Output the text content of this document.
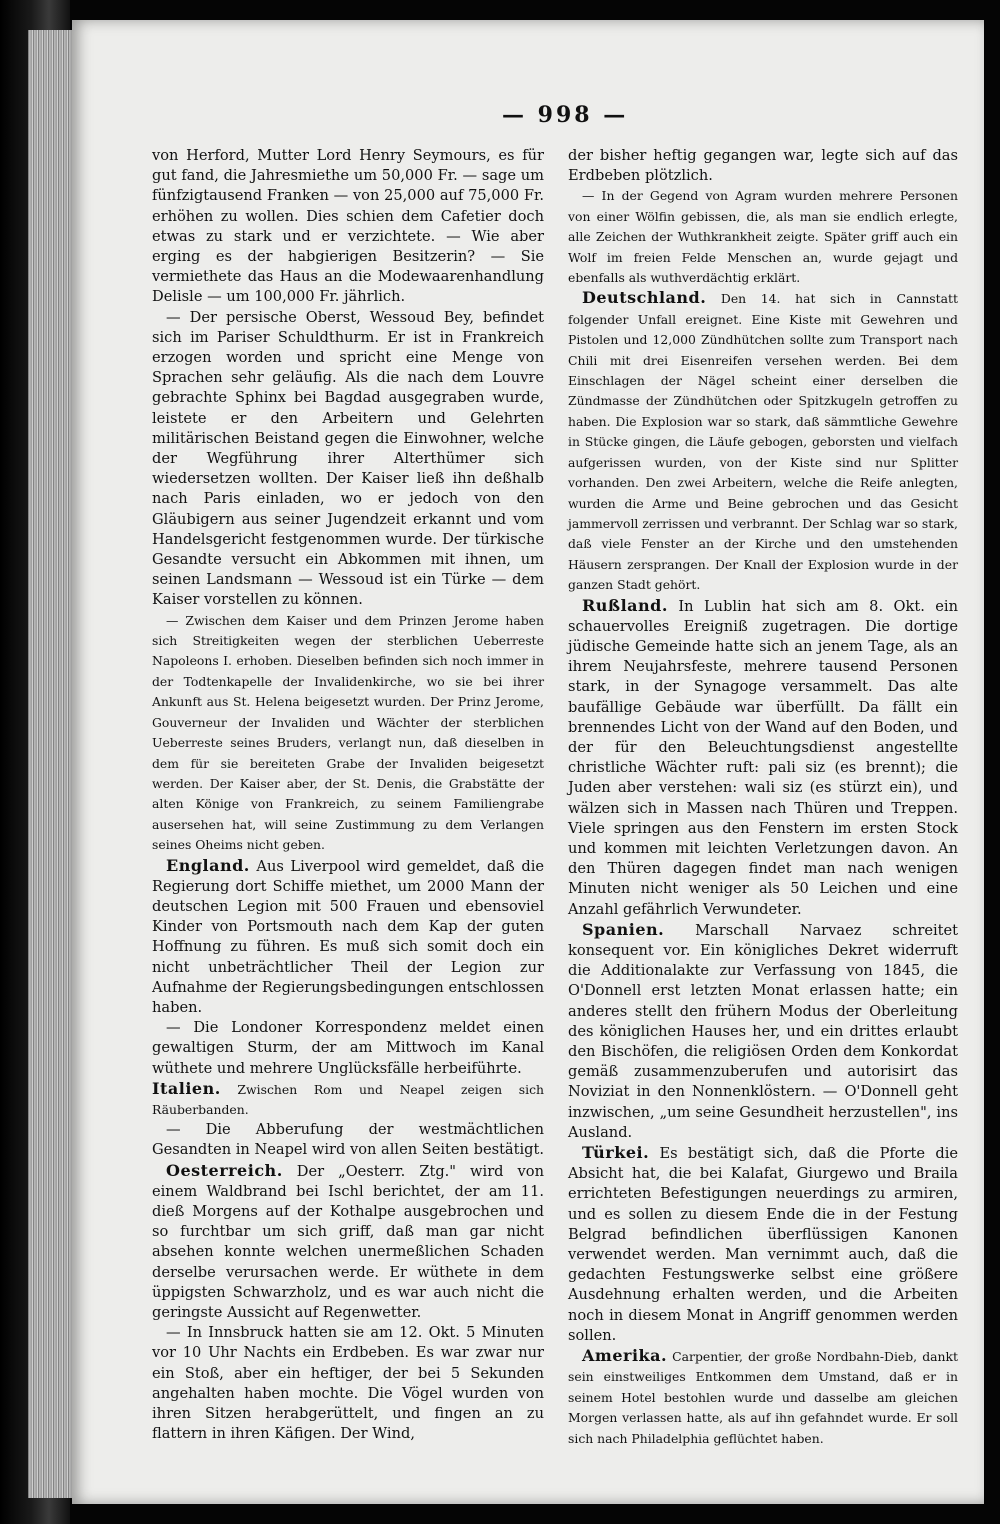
— 998 —

von Herford, Mutter Lord Henry Seymours, es für gut fand, die Jahresmiethe um 50,000 Fr. — sage um fünfzigtausend Franken — von 25,000 auf 75,000 Fr. erhöhen zu wollen. Dies schien dem Cafetier doch etwas zu stark und er verzichtete. — Wie aber erging es der habgierigen Besitzerin? — Sie vermiethete das Haus an die Modewaarenhandlung Delisle — um 100,000 Fr. jährlich.

— Der persische Oberst, Wessoud Bey, befindet sich im Pariser Schuldthurm. Er ist in Frankreich erzogen worden und spricht eine Menge von Sprachen sehr geläufig. Als die nach dem Louvre gebrachte Sphinx bei Bagdad ausgegraben wurde, leistete er den Arbeitern und Gelehrten militärischen Beistand gegen die Einwohner, welche der Wegführung ihrer Alterthümer sich wiedersetzen wollten. Der Kaiser ließ ihn deßhalb nach Paris einladen, wo er jedoch von den Gläubigern aus seiner Jugendzeit erkannt und vom Handelsgericht festgenommen wurde. Der türkische Gesandte versucht ein Abkommen mit ihnen, um seinen Landsmann — Wessoud ist ein Türke — dem Kaiser vorstellen zu können.

— Zwischen dem Kaiser und dem Prinzen Jerome haben sich Streitigkeiten wegen der sterblichen Ueberreste Napoleons I. erhoben. Dieselben befinden sich noch immer in der Todtenkapelle der Invalidenkirche, wo sie bei ihrer Ankunft aus St. Helena beigesetzt wurden. Der Prinz Jerome, Gouverneur der Invaliden und Wächter der sterblichen Ueberreste seines Bruders, verlangt nun, daß dieselben in dem für sie bereiteten Grabe der Invaliden beigesetzt werden. Der Kaiser aber, der St. Denis, die Grabstätte der alten Könige von Frankreich, zu seinem Familiengrabe ausersehen hat, will seine Zustimmung zu dem Verlangen seines Oheims nicht geben.

England. Aus Liverpool wird gemeldet, daß die Regierung dort Schiffe miethet, um 2000 Mann der deutschen Legion mit 500 Frauen und ebensoviel Kinder von Portsmouth nach dem Kap der guten Hoffnung zu führen. Es muß sich somit doch ein nicht unbeträchtlicher Theil der Legion zur Aufnahme der Regierungsbedingungen entschlossen haben.

— Die Londoner Korrespondenz meldet einen gewaltigen Sturm, der am Mittwoch im Kanal wüthete und mehrere Unglücksfälle herbeiführte.

Italien. Zwischen Rom und Neapel zeigen sich Räuberbanden.

— Die Abberufung der westmächtlichen Gesandten in Neapel wird von allen Seiten bestätigt.

Oesterreich. Der „Oesterr. Ztg." wird von einem Waldbrand bei Ischl berichtet, der am 11. dieß Morgens auf der Kothalpe ausgebrochen und so furchtbar um sich griff, daß man gar nicht absehen konnte welchen unermeßlichen Schaden derselbe verursachen werde. Er wüthete in dem üppigsten Schwarzholz, und es war auch nicht die geringste Aussicht auf Regenwetter.

— In Innsbruck hatten sie am 12. Okt. 5 Minuten vor 10 Uhr Nachts ein Erdbeben. Es war zwar nur ein Stoß, aber ein heftiger, der bei 5 Sekunden angehalten haben mochte. Die Vögel wurden von ihren Sitzen herabgerüttelt, und fingen an zu flattern in ihren Käfigen. Der Wind,

der bisher heftig gegangen war, legte sich auf das Erdbeben plötzlich.

— In der Gegend von Agram wurden mehrere Personen von einer Wölfin gebissen, die, als man sie endlich erlegte, alle Zeichen der Wuthkrankheit zeigte. Später griff auch ein Wolf im freien Felde Menschen an, wurde gejagt und ebenfalls als wuthverdächtig erklärt.

Deutschland. Den 14. hat sich in Cannstatt folgender Unfall ereignet. Eine Kiste mit Gewehren und Pistolen und 12,000 Zündhütchen sollte zum Transport nach Chili mit drei Eisenreifen versehen werden. Bei dem Einschlagen der Nägel scheint einer derselben die Zündmasse der Zündhütchen oder Spitzkugeln getroffen zu haben. Die Explosion war so stark, daß sämmtliche Gewehre in Stücke gingen, die Läufe gebogen, geborsten und vielfach aufgerissen wurden, von der Kiste sind nur Splitter vorhanden. Den zwei Arbeitern, welche die Reife anlegten, wurden die Arme und Beine gebrochen und das Gesicht jammervoll zerrissen und verbrannt. Der Schlag war so stark, daß viele Fenster an der Kirche und den umstehenden Häusern zersprangen. Der Knall der Explosion wurde in der ganzen Stadt gehört.

Rußland. In Lublin hat sich am 8. Okt. ein schauervolles Ereigniß zugetragen. Die dortige jüdische Gemeinde hatte sich an jenem Tage, als an ihrem Neujahrsfeste, mehrere tausend Personen stark, in der Synagoge versammelt. Das alte baufällige Gebäude war überfüllt. Da fällt ein brennendes Licht von der Wand auf den Boden, und der für den Beleuchtungsdienst angestellte christliche Wächter ruft: pali siz (es brennt); die Juden aber verstehen: wali siz (es stürzt ein), und wälzen sich in Massen nach Thüren und Treppen. Viele springen aus den Fenstern im ersten Stock und kommen mit leichten Verletzungen davon. An den Thüren dagegen findet man nach wenigen Minuten nicht weniger als 50 Leichen und eine Anzahl gefährlich Verwundeter.

Spanien. Marschall Narvaez schreitet konsequent vor. Ein königliches Dekret widerruft die Additionalakte zur Verfassung von 1845, die O'Donnell erst letzten Monat erlassen hatte; ein anderes stellt den frühern Modus der Oberleitung des königlichen Hauses her, und ein drittes erlaubt den Bischöfen, die religiösen Orden dem Konkordat gemäß zusammenzuberufen und autorisirt das Noviziat in den Nonnenklöstern. — O'Donnell geht inzwischen, „um seine Gesundheit herzustellen", ins Ausland.

Türkei. Es bestätigt sich, daß die Pforte die Absicht hat, die bei Kalafat, Giurgewo und Braila errichteten Befestigungen neuerdings zu armiren, und es sollen zu diesem Ende die in der Festung Belgrad befindlichen überflüssigen Kanonen verwendet werden. Man vernimmt auch, daß die gedachten Festungswerke selbst eine größere Ausdehnung erhalten werden, und die Arbeiten noch in diesem Monat in Angriff genommen werden sollen.

Amerika. Carpentier, der große Nordbahn-Dieb, dankt sein einstweiliges Entkommen dem Umstand, daß er in seinem Hotel bestohlen wurde und dasselbe am gleichen Morgen verlassen hatte, als auf ihn gefahndet wurde. Er soll sich nach Philadelphia geflüchtet haben.
